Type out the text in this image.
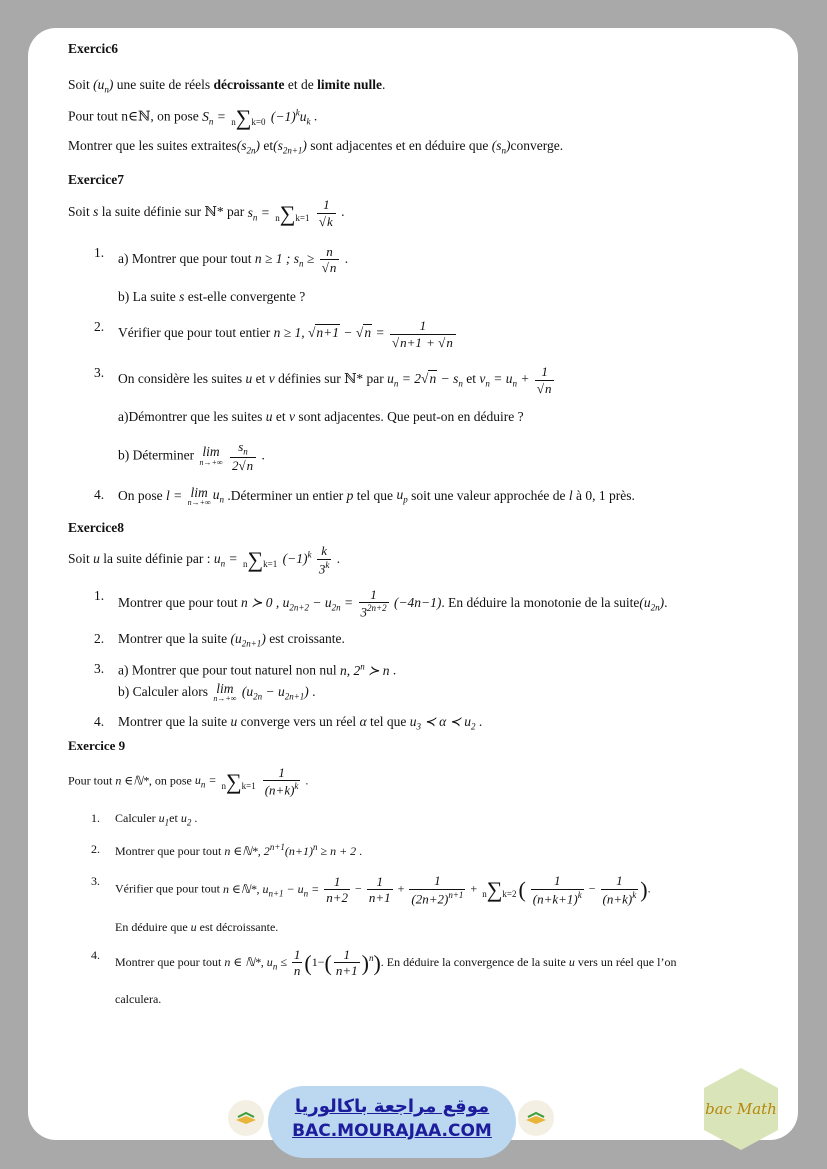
Exercic6

Soit $(u_n)$ une suite de réels décroissante et de limite nulle.

Pour tout n∈ℕ, on pose $S_n = n\sum k=0$ $(-1)^ku_k$ .

Montrer que les suites $extraites(s_{2n})$ $et(s_{2n+1})$ sont adjacentes et en déduire que $(s_n)converge$.

Exercice7

Soit s la suite définie sur ℕ* par $s_n = n\sum k=1 \frac{1}{√k}$ .

1. a) Montrer que pour tout n ≥ 1 ; $s_n \ge \frac{n}{√n}$ .
b) La suite s est-elle convergente ?
2. Vérifier que pour tout entier n ≥ 1, $√n+1 - √n = \frac{1}{√n+1 + √n}$
3. On considère les suites u et v définies sur ℕ* par $u_n = 2√n - s_n$ et $v_n = u_n + \frac{1}{√n}$
a)Démontrer que les suites u et v sont adjacentes. Que peut-on en déduire ?
b) Déterminer lim
n→+∞
$\frac{s_n}{2√n}$ .
4. On pose l = lim
n→+∞
$u_n$ .Déterminer un entier p tel que $u_p$ soit une valeur approchée de l à 0, 1 près.

Exercice8

Soit u la suite définie par : $u_n = n\sum k=1$ $(-1)^k \frac{k}{3^k}$ .

1. Montrer que pour tout n ≻ 0 , $u_{2n+2} - u_{2n} = \frac{1}{3^{2n+2}} (-4n-1)$. En déduire la monotonie de la $suite(u_{2n})$.
2. Montrer que la suite $(u_{2n+1})$ est croissante.
3. a) Montrer que pour tout naturel non nul n, 2$^n$ ≻ n .
b) Calculer alors lim
n→+∞
$(u_{2n} - u_{2n+1})$ .
4. Montrer que la suite u converge vers un réel α tel que $u_3$ ≺ α ≺ $u_2$ .

Exercice 9

Pour tout n ∈ℕ*, on pose $u_n = n\sum k=1 \frac{1}{(n+k)^k}$ .

1. Calculer $u_1et$ $u_2$ .
2. Montrer que pour tout n ∈ℕ*, $2^{n+1}(n+1)^n \ge n + 2$ .
3.
Vérifier que pour tout n ∈ℕ*, $u_{n+1} - u_n = \frac{1}{n+2} - \frac{1}{n+1} + \frac{1}{(2n+2)^{n+1}} + n\sum k=2( \frac{1}{(n+k+1)^k} - \frac{1}{(n+k)^k}$ ).
En déduire que u est décroissante.
4. Montrer que pour tout n ∈ ℕ*, $u_n \le \frac{1}{n} (1-( \frac{1}{n+1} )^n)$. En déduire la convergence de la suite u vers un réel que l’on
calculera.
موقع مراجعة باكالوريا
BAC.MOURAJAA.COM
bac Math
